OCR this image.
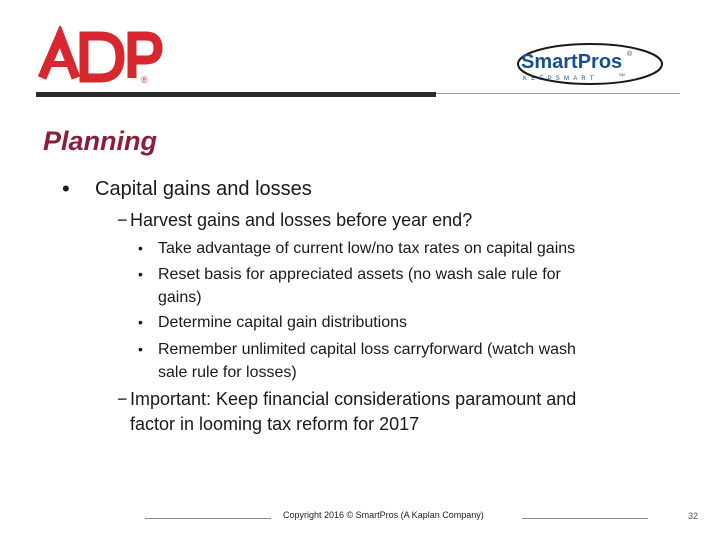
®
SmartPros ®
KEEPSMART
SM
Planning
• Capital gains and losses
− Harvest gains and losses before year end?
• Take advantage of current low/no tax rates on capital gains
• Reset basis for appreciated assets (no wash sale rule for
gains)
• Determine capital gain distributions
• Remember unlimited capital loss carryforward (watch wash
sale rule for losses)
− Important: Keep financial considerations paramount and
factor in looming tax reform for 2017
Copyright 2016 © SmartPros (A Kaplan Company)	32
